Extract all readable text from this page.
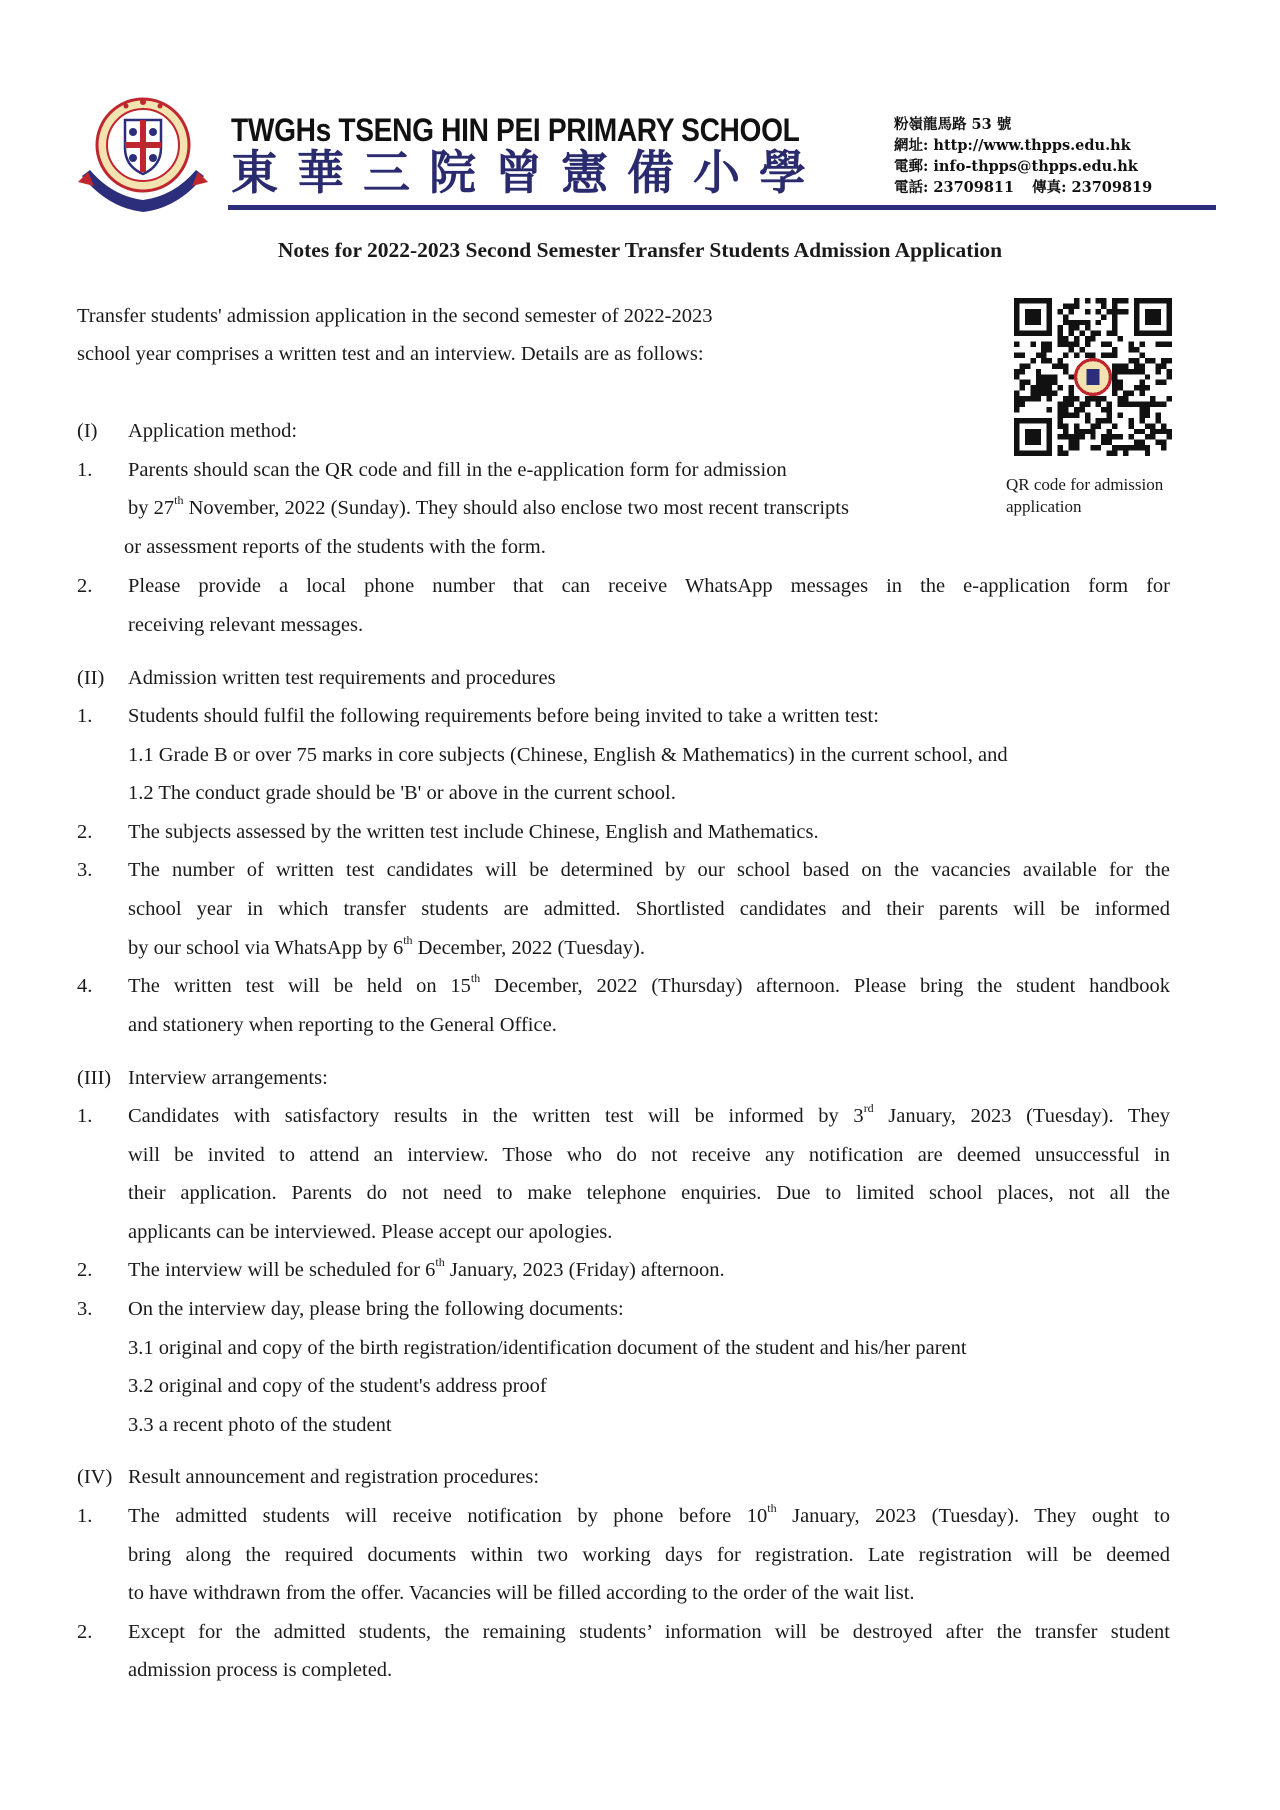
TWGHs TSENG HIN PEI PRIMARY SCHOOL
東華三院曾憲備小學
粉嶺龍馬路 53 號
網址: http://www.thpps.edu.hk
電郵: info-thpps@thpps.edu.hk
電話: 23709811 傳真: 23709819
Notes for 2022-2023 Second Semester Transfer Students Admission Application
Transfer students' admission application in the second semester of 2022-2023
school year comprises a written test and an interview. Details are as follows:
QR code for admission
application
(I) Application method:
1. Parents should scan the QR code and fill in the e-application form for admission
by 27th November, 2022 (Sunday). They should also enclose two most recent transcripts
or assessment reports of the students with the form.
2. Please provide a local phone number that can receive WhatsApp messages in the e-application form for
receiving relevant messages.
(II) Admission written test requirements and procedures
1. Students should fulfil the following requirements before being invited to take a written test:
1.1 Grade B or over 75 marks in core subjects (Chinese, English & Mathematics) in the current school, and
1.2 The conduct grade should be 'B' or above in the current school.
2. The subjects assessed by the written test include Chinese, English and Mathematics.
3. The number of written test candidates will be determined by our school based on the vacancies available for the
school year in which transfer students are admitted. Shortlisted candidates and their parents will be informed
by our school via WhatsApp by 6th December, 2022 (Tuesday).
4. The written test will be held on 15th December, 2022 (Thursday) afternoon. Please bring the student handbook
and stationery when reporting to the General Office.
(III) Interview arrangements:
1. Candidates with satisfactory results in the written test will be informed by 3rd January, 2023 (Tuesday). They
will be invited to attend an interview. Those who do not receive any notification are deemed unsuccessful in
their application. Parents do not need to make telephone enquiries. Due to limited school places, not all the
applicants can be interviewed. Please accept our apologies.
2. The interview will be scheduled for 6th January, 2023 (Friday) afternoon.
3. On the interview day, please bring the following documents:
3.1 original and copy of the birth registration/identification document of the student and his/her parent
3.2 original and copy of the student's address proof
3.3 a recent photo of the student
(IV) Result announcement and registration procedures:
1. The admitted students will receive notification by phone before 10th January, 2023 (Tuesday). They ought to
bring along the required documents within two working days for registration. Late registration will be deemed
to have withdrawn from the offer. Vacancies will be filled according to the order of the wait list.
2. Except for the admitted students, the remaining students’ information will be destroyed after the transfer student
admission process is completed.
